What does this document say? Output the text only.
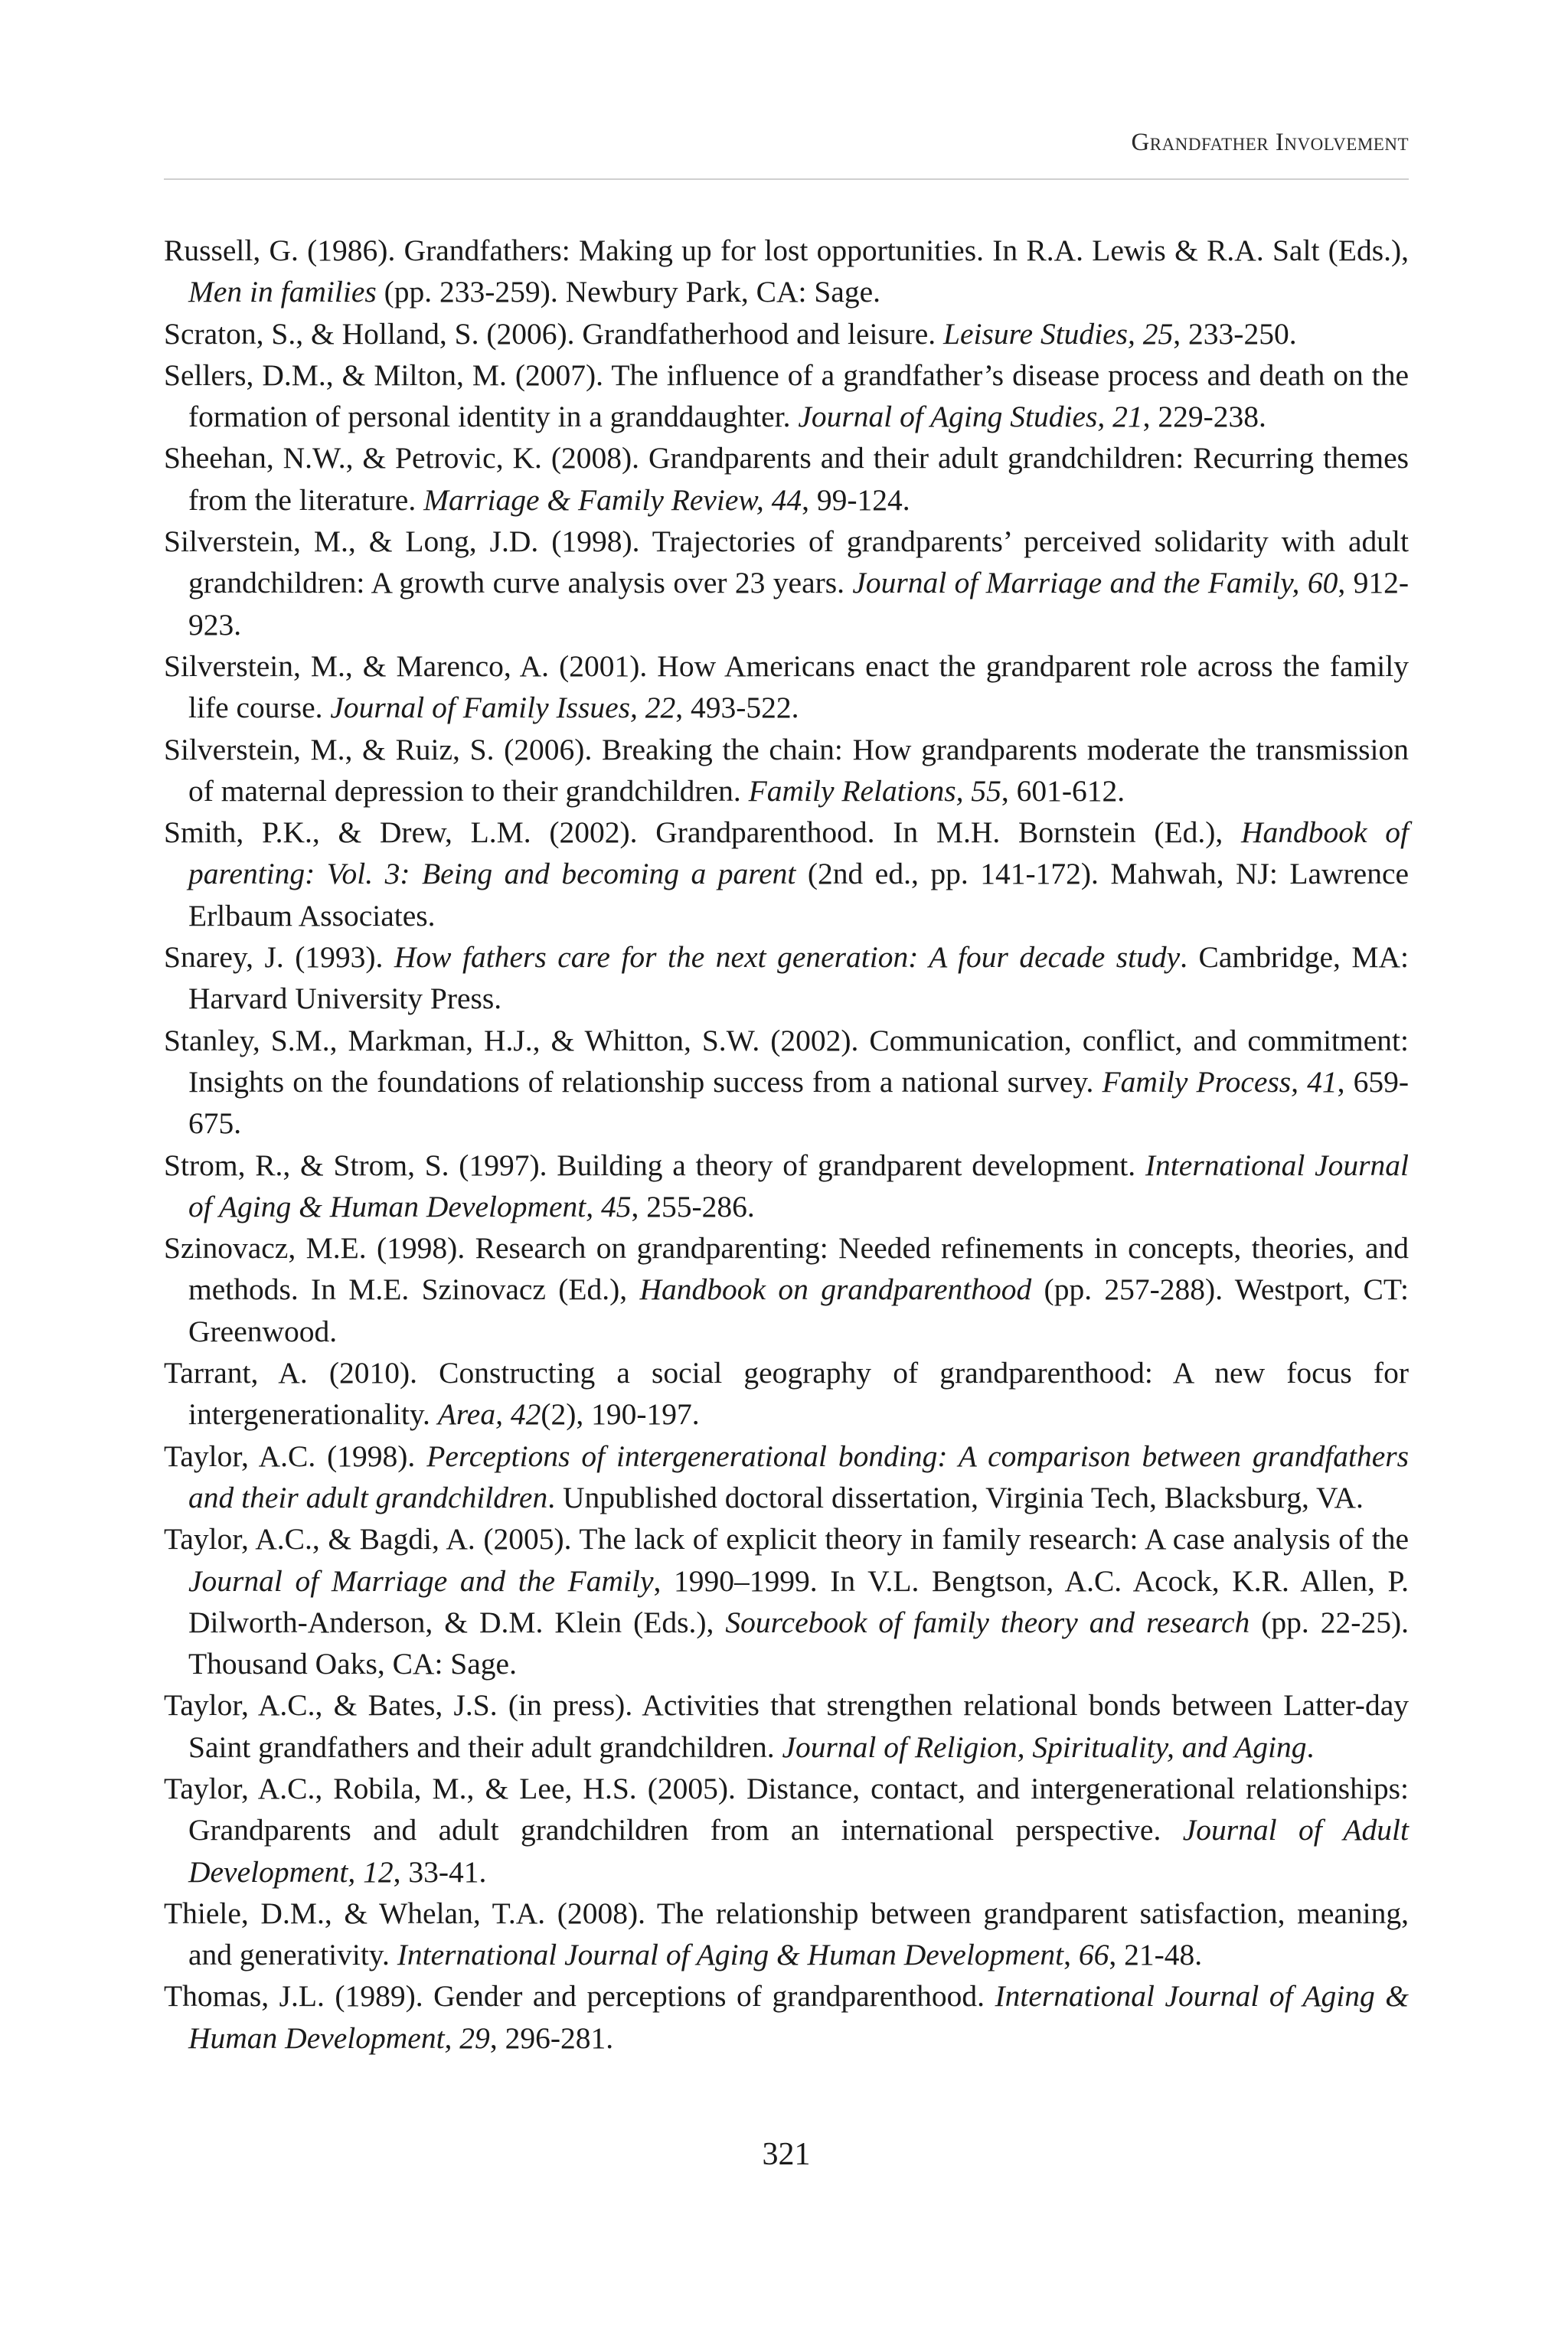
Grandfather Involvement
Russell, G. (1986). Grandfathers: Making up for lost opportunities. In R.A. Lewis & R.A. Salt (Eds.), Men in families (pp. 233-259). Newbury Park, CA: Sage.
Scraton, S., & Holland, S. (2006). Grandfatherhood and leisure. Leisure Studies, 25, 233-250.
Sellers, D.M., & Milton, M. (2007). The influence of a grandfather’s disease process and death on the formation of personal identity in a granddaughter. Journal of Aging Studies, 21, 229-238.
Sheehan, N.W., & Petrovic, K. (2008). Grandparents and their adult grandchildren: Recurring themes from the literature. Marriage & Family Review, 44, 99-124.
Silverstein, M., & Long, J.D. (1998). Trajectories of grandparents’ perceived solidarity with adult grandchildren: A growth curve analysis over 23 years. Journal of Marriage and the Family, 60, 912-923.
Silverstein, M., & Marenco, A. (2001). How Americans enact the grandparent role across the family life course. Journal of Family Issues, 22, 493-522.
Silverstein, M., & Ruiz, S. (2006). Breaking the chain: How grandparents moderate the transmission of maternal depression to their grandchildren. Family Relations, 55, 601-612.
Smith, P.K., & Drew, L.M. (2002). Grandparenthood. In M.H. Bornstein (Ed.), Handbook of parenting: Vol. 3: Being and becoming a parent (2nd ed., pp. 141-172). Mahwah, NJ: Lawrence Erlbaum Associates.
Snarey, J. (1993). How fathers care for the next generation: A four decade study. Cambridge, MA: Harvard University Press.
Stanley, S.M., Markman, H.J., & Whitton, S.W. (2002). Communication, conflict, and commitment: Insights on the foundations of relationship success from a national survey. Family Process, 41, 659-675.
Strom, R., & Strom, S. (1997). Building a theory of grandparent development. International Journal of Aging & Human Development, 45, 255-286.
Szinovacz, M.E. (1998). Research on grandparenting: Needed refinements in concepts, theories, and methods. In M.E. Szinovacz (Ed.), Handbook on grandparenthood (pp. 257-288). Westport, CT: Greenwood.
Tarrant, A. (2010). Constructing a social geography of grandparenthood: A new focus for intergenerationality. Area, 42(2), 190-197.
Taylor, A.C. (1998). Perceptions of intergenerational bonding: A comparison between grandfathers and their adult grandchildren. Unpublished doctoral dissertation, Virginia Tech, Blacksburg, VA.
Taylor, A.C., & Bagdi, A. (2005). The lack of explicit theory in family research: A case analysis of the Journal of Marriage and the Family, 1990–1999. In V.L. Bengtson, A.C. Acock, K.R. Allen, P. Dilworth-Anderson, & D.M. Klein (Eds.), Sourcebook of family theory and research (pp. 22-25). Thousand Oaks, CA: Sage.
Taylor, A.C., & Bates, J.S. (in press). Activities that strengthen relational bonds between Latter-day Saint grandfathers and their adult grandchildren. Journal of Religion, Spirituality, and Aging.
Taylor, A.C., Robila, M., & Lee, H.S. (2005). Distance, contact, and intergenerational relationships: Grandparents and adult grandchildren from an international perspective. Journal of Adult Development, 12, 33-41.
Thiele, D.M., & Whelan, T.A. (2008). The relationship between grandparent satisfaction, meaning, and generativity. International Journal of Aging & Human Development, 66, 21-48.
Thomas, J.L. (1989). Gender and perceptions of grandparenthood. International Journal of Aging & Human Development, 29, 296-281.
321
